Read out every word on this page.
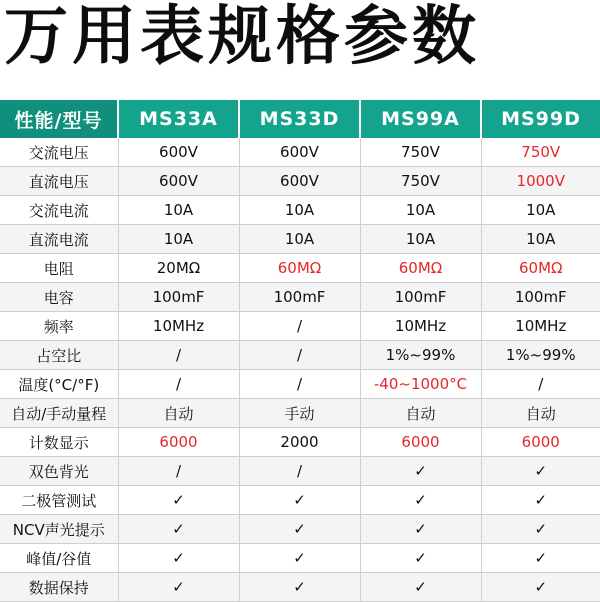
万用表规格参数
性能/型号	MS33A	MS33D	MS99A	MS99D
交流电压	600V	600V	750V	750V
直流电压	600V	600V	750V	1000V
交流电流	10A	10A	10A	10A
直流电流	10A	10A	10A	10A
电阻	20MΩ	60MΩ	60MΩ	60MΩ
电容	100mF	100mF	100mF	100mF
频率	10MHz	/	10MHz	10MHz
占空比	/	/	1%~99%	1%~99%
温度(°C/°F)	/	/	-40~1000°C	/
自动/手动量程	自动	手动	自动	自动
计数显示	6000	2000	6000	6000
双色背光	/	/	✓	✓
二极管测试	✓	✓	✓	✓
NCV声光提示	✓	✓	✓	✓
峰值/谷值	✓	✓	✓	✓
数据保持	✓	✓	✓	✓
